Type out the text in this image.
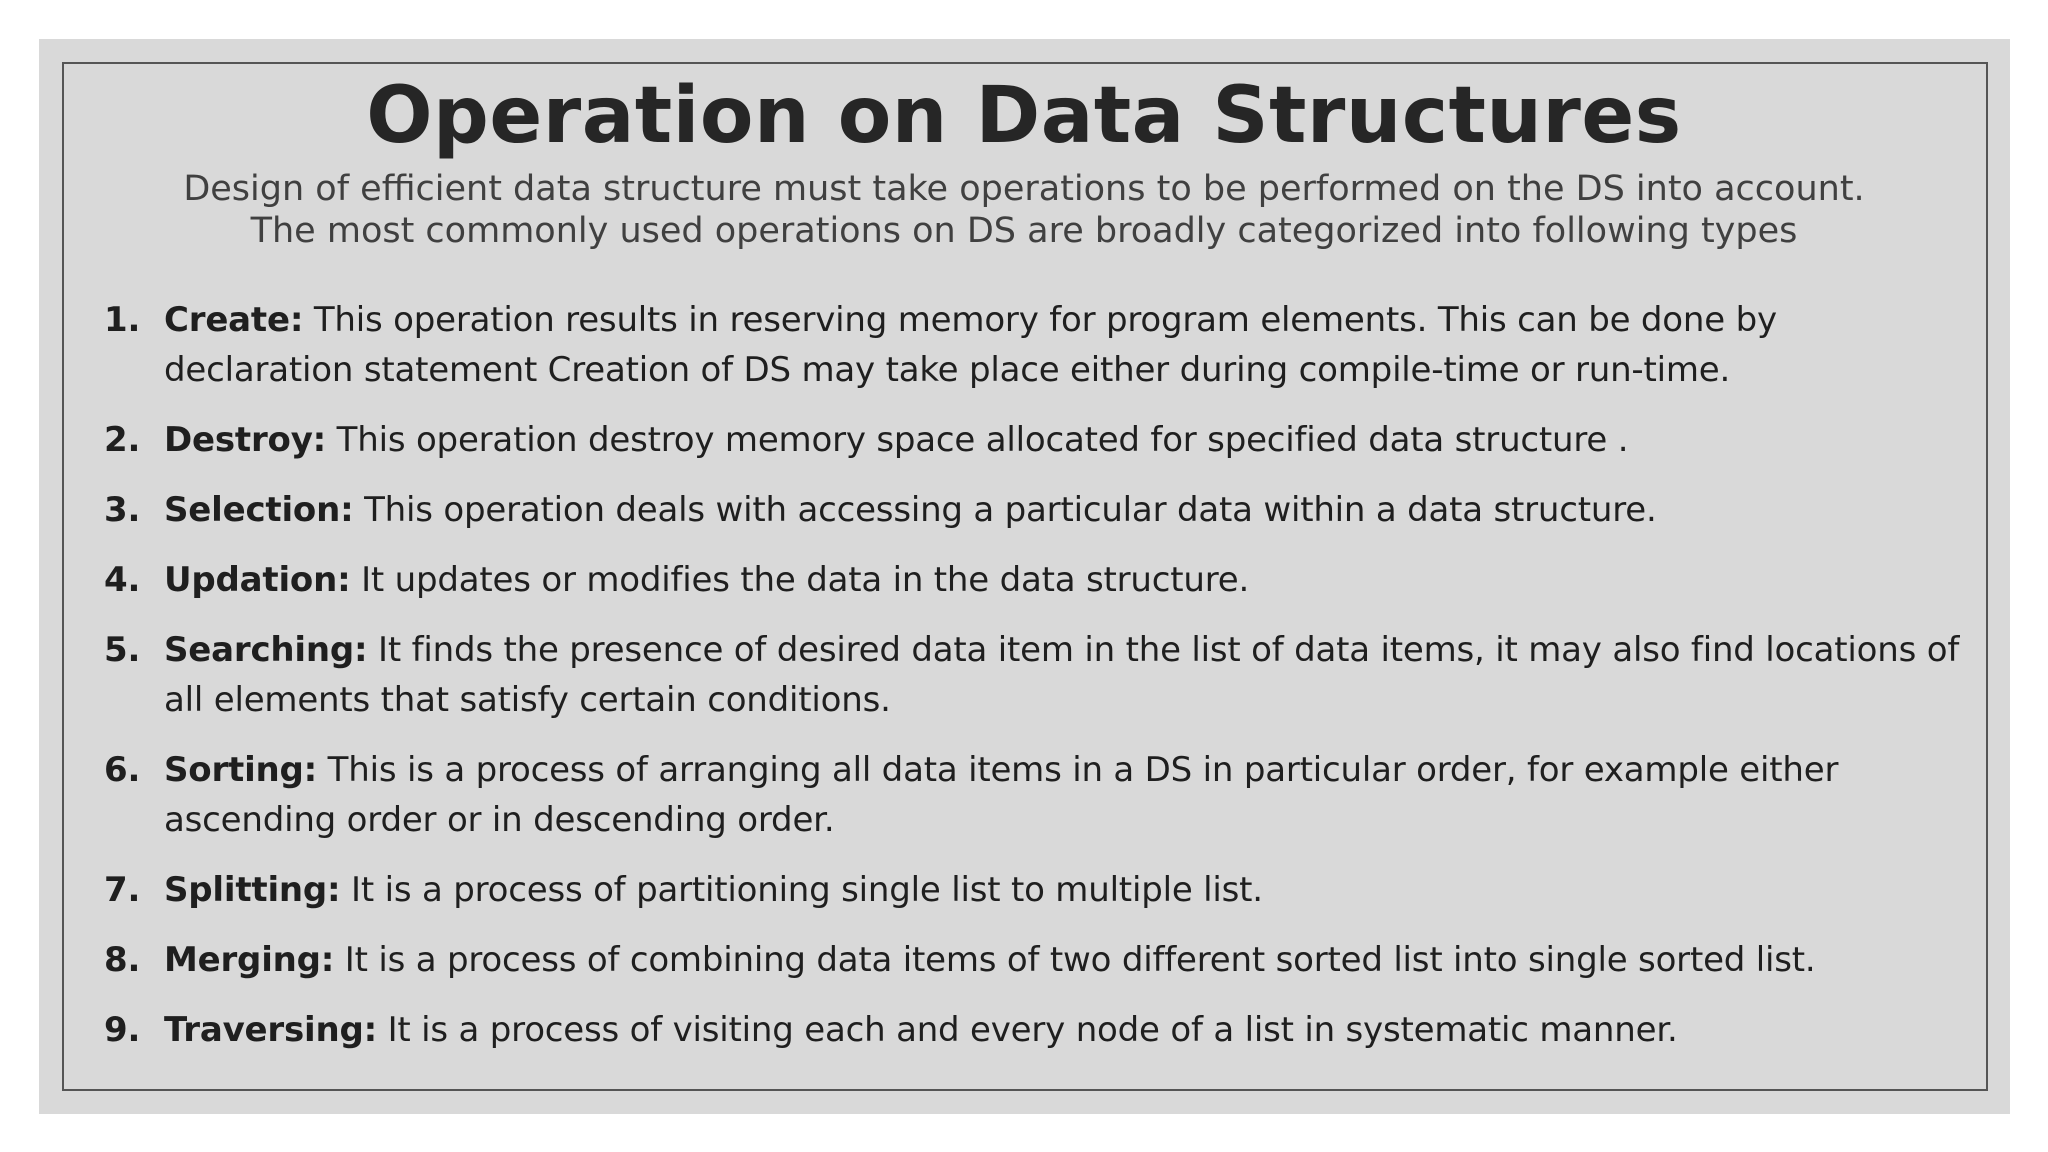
Operation on Data Structures
Design of efficient data structure must take operations to be performed on the DS into account.
The most commonly used operations on DS are broadly categorized into following types
1. Create: This operation results in reserving memory for program elements. This can be done by declaration statement Creation of DS may take place either during compile-time or run-time.
2. Destroy: This operation destroy memory space allocated for specified data structure .
3. Selection: This operation deals with accessing a particular data within a data structure.
4. Updation: It updates or modifies the data in the data structure.
5. Searching: It finds the presence of desired data item in the list of data items, it may also find locations of all elements that satisfy certain conditions.
6. Sorting: This is a process of arranging all data items in a DS in particular order, for example either ascending order or in descending order.
7. Splitting: It is a process of partitioning single list to multiple list.
8. Merging: It is a process of combining data items of two different sorted list into single sorted list.
9. Traversing: It is a process of visiting each and every node of a list in systematic manner.
